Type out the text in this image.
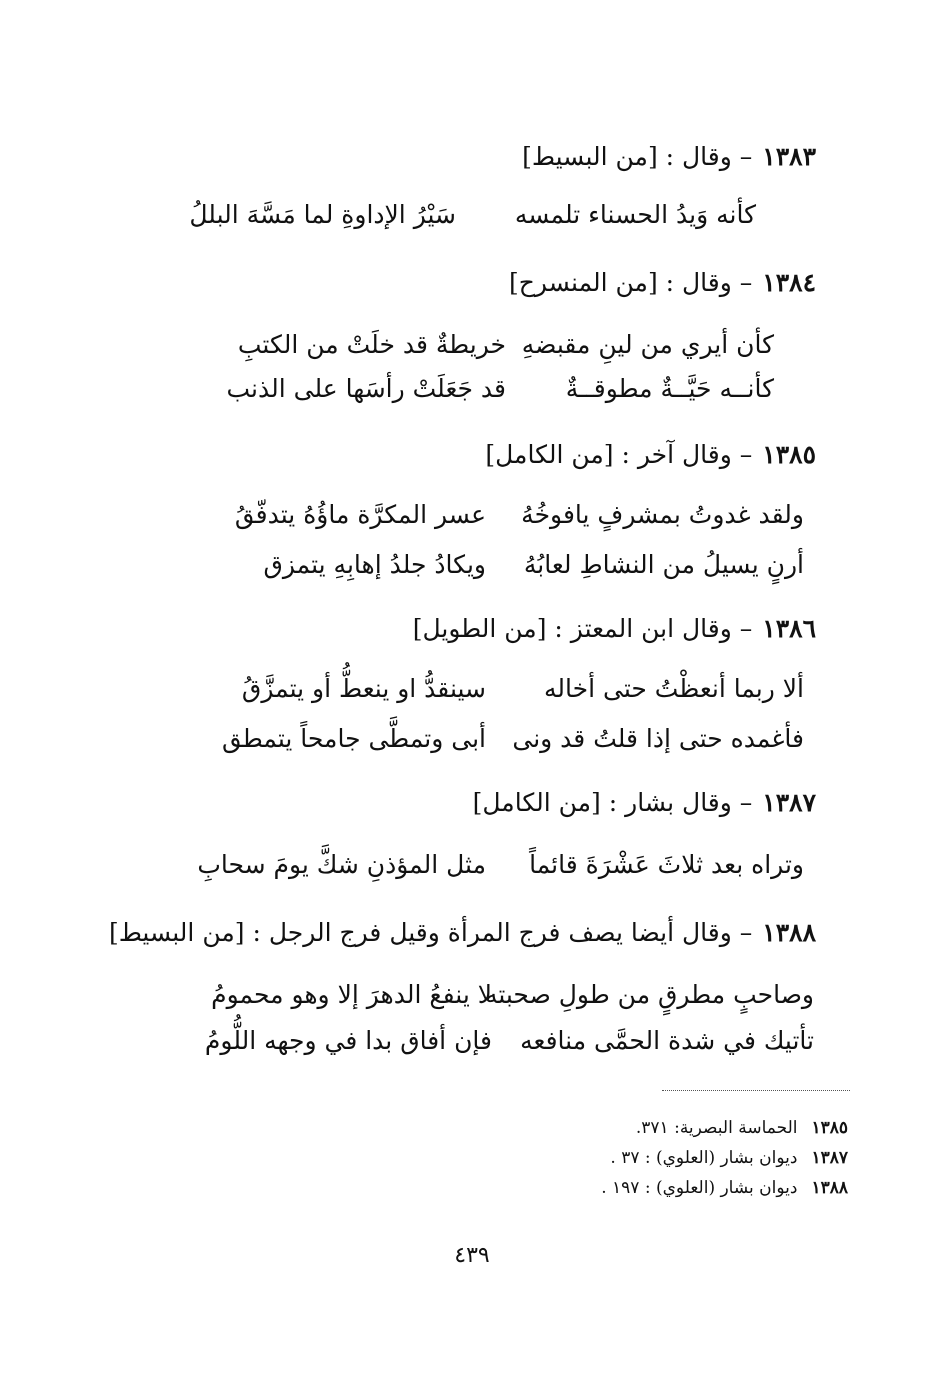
١٣٨٣– وقال : [من البسيط]
كأنه وَيدُ الحسناء تلمسه
سَيْرُ الإداوةِ لما مَسَّهَ البللُ
١٣٨٤– وقال : [من المنسرح]
كأن أيري من لينِ مقبضهِ
خريطةٌ قد خلَتْ من الكتبِ
كأنــه حَيَّــةٌ مطوقــةٌ
قد جَعَلَتْ رأسَها على الذنب
١٣٨٥– وقال آخر : [من الكامل]
ولقد غدوتُ بمشرفٍ يافوخُهُ
عسر المكرَّة ماؤُهُ يتدفّقُ
أرنٍ يسيلُ من النشاطِ لعابُهُ
ويكادُ جلدُ إهابِهِ يتمزق
١٣٨٦– وقال ابن المعتز : [من الطويل]
ألا ربما أنعظْتُ حتى أخاله
سينقدُّ او ينعطُّ أو يتمزَّقُ
فأغمده حتى إذا قلتُ قد ونى
أبى وتمطَّى جامحاً يتمطق
١٣٨٧– وقال بشار : [من الكامل]
وتراه بعد ثلاثَ عَشْرَةَ قائماً
مثل المؤذنِ شكَّ يومَ سحابِ
١٣٨٨– وقال أيضا يصف فرج المرأة وقيل فرج الرجل : [من البسيط]
وصاحبٍ مطرقٍ من طولِ صحبته
لا ينفعُ الدهرَ إلا وهو محمومُ
تأتيك في شدة الحمَّى منافعه
فإن أفاق بدا في وجهه اللُّومُ
١٣٨٥الحماسة البصرية: ٣٧١.
١٣٨٧ديوان بشار (العلوي) : ٣٧ .
١٣٨٨ديوان بشار (العلوي) : ١٩٧ .
٤٣٩
